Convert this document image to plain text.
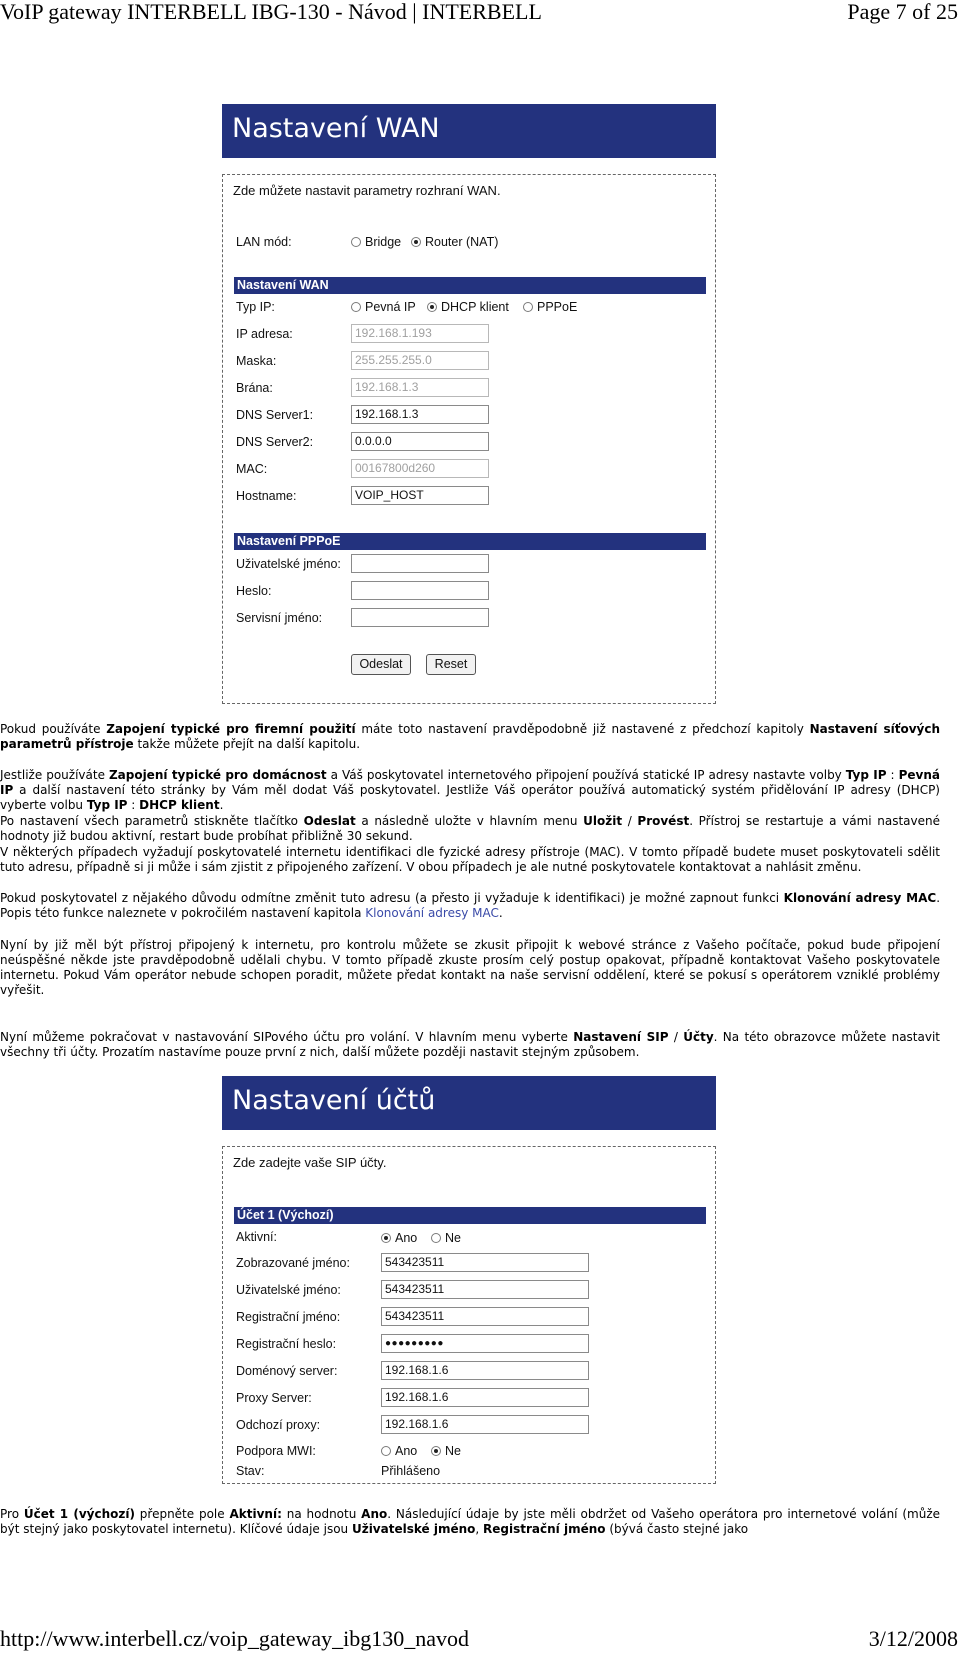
VoIP gateway INTERBELL IBG-130 - Návod | INTERBELL	Page 7 of 25
Nastavení WAN
Zde můžete nastavit parametry rozhraní WAN.
LAN mód:	Bridge	Router (NAT)
Nastavení WAN
Typ IP:	Pevná IP	DHCP klient	PPPoE
IP adresa:	192.168.1.193
Maska:	255.255.255.0
Brána:	192.168.1.3
DNS Server1:	192.168.1.3
DNS Server2:	0.0.0.0
MAC:	00167800d260
Hostname:	VOIP_HOST
Nastavení PPPoE
Uživatelské jméno:
Heslo:
Servisní jméno:
Odeslat	Reset
Pokud používáte Zapojení typické pro firemní použití máte toto nastavení pravděpodobně již nastavené z předchozí kapitoly Nastavení síťových parametrů přístroje takže můžete přejít na další kapitolu.
Jestliže používáte Zapojení typické pro domácnost a Váš poskytovatel internetového připojení používá statické IP adresy nastavte volby Typ IP : Pevná IP a další nastavení této stránky by Vám měl dodat Váš poskytovatel. Jestliže Váš operátor používá automatický systém přidělování IP adresy (DHCP) vyberte volbu Typ IP : DHCP klient.
Po nastavení všech parametrů stiskněte tlačítko Odeslat a následně uložte v hlavním menu Uložit / Provést. Přístroj se restartuje a vámi nastavené hodnoty již budou aktivní, restart bude probíhat přibližně 30 sekund.
V některých případech vyžadují poskytovatelé internetu identifikaci dle fyzické adresy přístroje (MAC). V tomto případě budete muset poskytovateli sdělit tuto adresu, případně si ji může i sám zjistit z připojeného zařízení. V obou případech je ale nutné poskytovatele kontaktovat a nahlásit změnu.
Pokud poskytovatel z nějakého důvodu odmítne změnit tuto adresu (a přesto ji vyžaduje k identifikaci) je možné zapnout funkci Klonování adresy MAC. Popis této funkce naleznete v pokročilém nastavení kapitola Klonování adresy MAC.
Nyní by již měl být přístroj připojený k internetu, pro kontrolu můžete se zkusit připojit k webové stránce z Vašeho počítače, pokud bude připojení neúspěšné někde jste pravděpodobně udělali chybu. V tomto případě zkuste prosím celý postup opakovat, případně kontaktovat Vašeho poskytovatele internetu. Pokud Vám operátor nebude schopen poradit, můžete předat kontakt na naše servisní oddělení, které se pokusí s operátorem vzniklé problémy vyřešit.
Nyní můžeme pokračovat v nastavování SIPového účtu pro volání. V hlavním menu vyberte Nastavení SIP / Účty. Na této obrazovce můžete nastavit všechny tři účty. Prozatím nastavíme pouze první z nich, další můžete později nastavit stejným způsobem.
Nastavení účtů
Zde zadejte vaše SIP účty.
Účet 1 (Výchozí)
Aktivní:	Ano	Ne
Zobrazované jméno:	543423511
Uživatelské jméno:	543423511
Registrační jméno:	543423511
Registrační heslo:	●●●●●●●●●
Doménový server:	192.168.1.6
Proxy Server:	192.168.1.6
Odchozí proxy:	192.168.1.6
Podpora MWI:	Ano	Ne
Stav:	Přihlášeno
Pro Účet 1 (výchozí) přepněte pole Aktivní: na hodnotu Ano. Následující údaje by jste měli obdržet od Vašeho operátora pro internetové volání (může být stejný jako poskytovatel internetu). Klíčové údaje jsou Uživatelské jméno, Registrační jméno (bývá často stejné jako
http://www.interbell.cz/voip_gateway_ibg130_navod	3/12/2008
